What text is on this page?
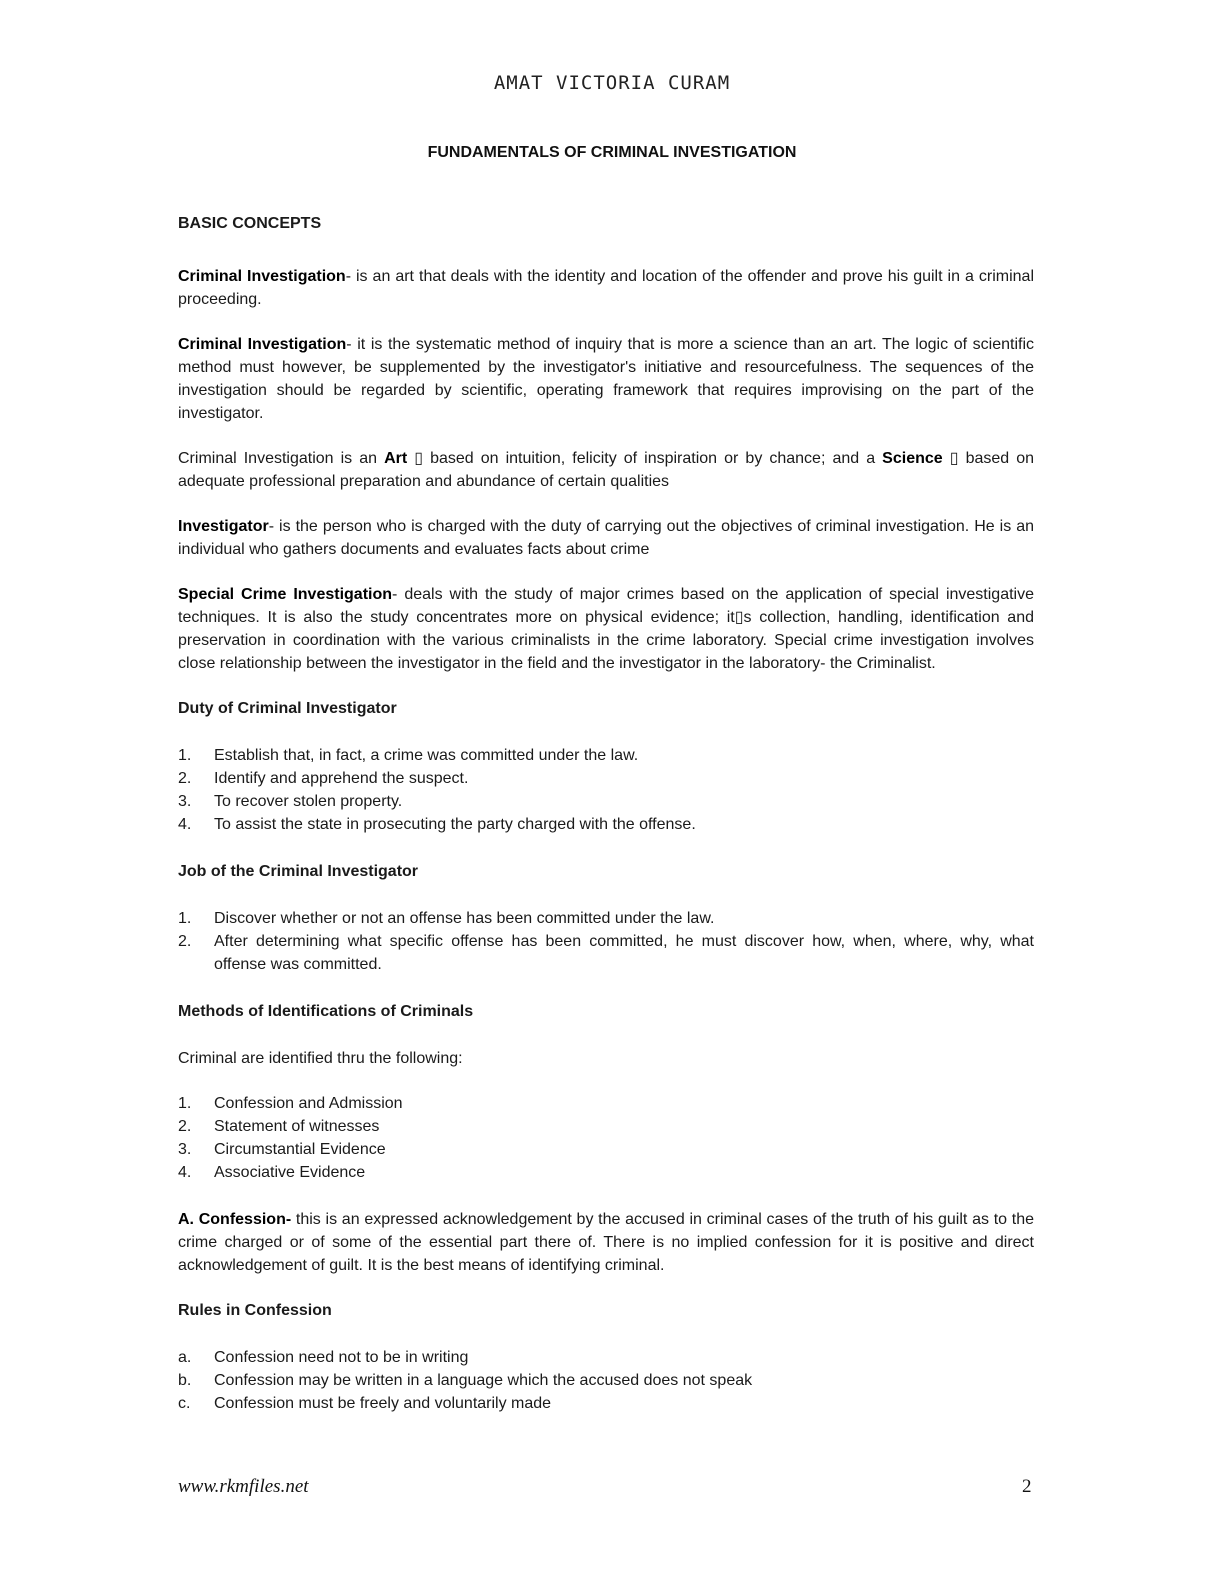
AMAT VICTORIA CURAM
FUNDAMENTALS OF CRIMINAL INVESTIGATION
BASIC CONCEPTS

Criminal Investigation- is an art that deals with the identity and location of the offender and prove his guilt in a criminal proceeding.

Criminal Investigation- it is the systematic method of inquiry that is more a science than an art. The logic of scientific method must however, be supplemented by the investigator's initiative and resourcefulness. The sequences of the investigation should be regarded by scientific, operating framework that requires improvising on the part of the investigator.

Criminal Investigation is an Art ▯ based on intuition, felicity of inspiration or by chance; and a Science ▯ based on adequate professional preparation and abundance of certain qualities

Investigator- is the person who is charged with the duty of carrying out the objectives of criminal investigation. He is an individual who gathers documents and evaluates facts about crime

Special Crime Investigation- deals with the study of major crimes based on the application of special investigative techniques. It is also the study concentrates more on physical evidence; it▯s collection, handling, identification and preservation in coordination with the various criminalists in the crime laboratory. Special crime investigation involves close relationship between the investigator in the field and the investigator in the laboratory- the Criminalist.

Duty of Criminal Investigator
1.	Establish that, in fact, a crime was committed under the law.
2.	Identify and apprehend the suspect.
3.	To recover stolen property.
4.	To assist the state in prosecuting the party charged with the offense.
Job of the Criminal Investigator
1.	Discover whether or not an offense has been committed under the law.
2.	After determining what specific offense has been committed, he must discover how, when, where, why, what offense was committed.
Methods of Identifications of Criminals

Criminal are identified thru the following:

1.	Confession and Admission
2.	Statement of witnesses
3.	Circumstantial Evidence
4.	Associative Evidence

A. Confession- this is an expressed acknowledgement by the accused in criminal cases of the truth of his guilt as to the crime charged or of some of the essential part there of. There is no implied confession for it is positive and direct acknowledgement of guilt. It is the best means of identifying criminal.

Rules in Confession
a.	Confession need not to be in writing
b.	Confession may be written in a language which the accused does not speak
c.	Confession must be freely and voluntarily made
www.rkmfiles.net	2
